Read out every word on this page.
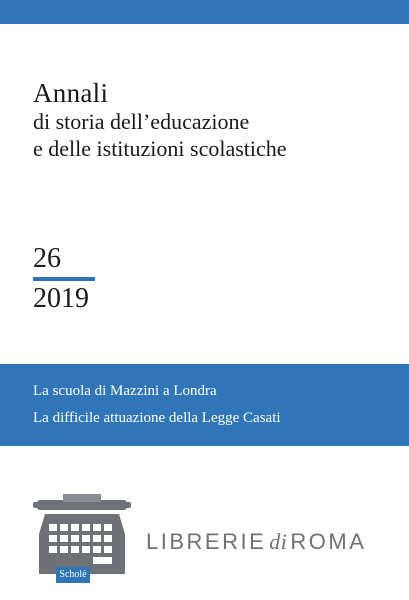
Annali
di storia dell’educazione
e delle istituzioni scolastiche
26
2019
La scuola di Mazzini a Londra
La difficile attuazione della Legge Casati
Scholé
LIBRERIE di ROMA
